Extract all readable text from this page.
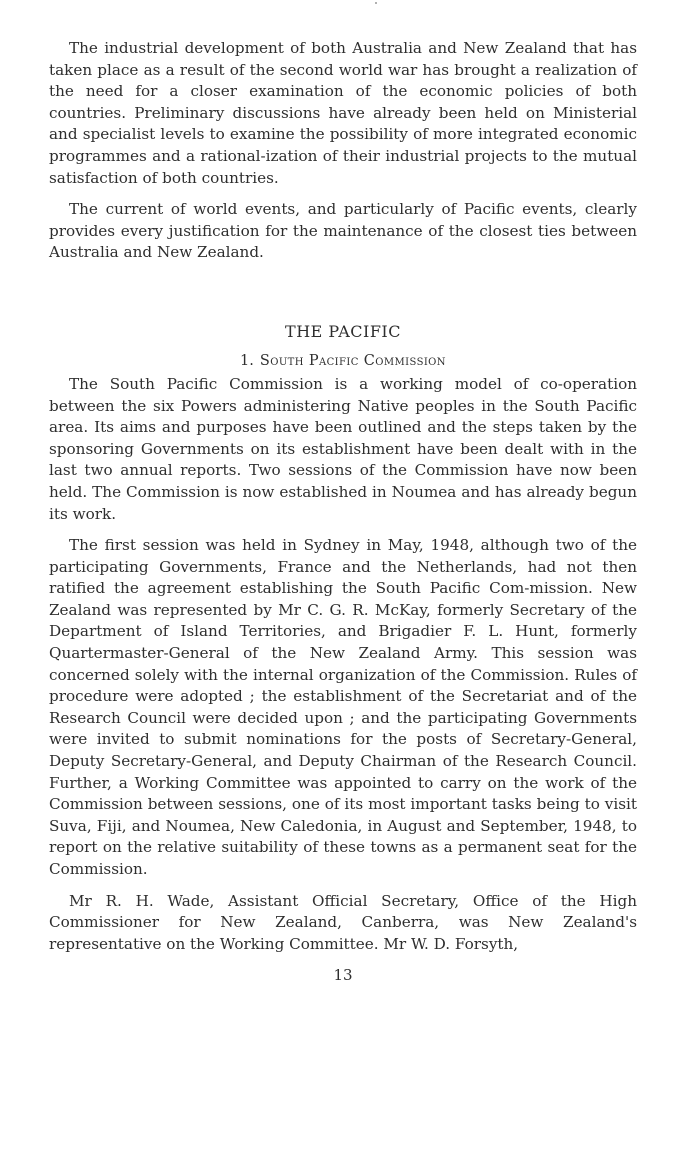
The industrial development of both Australia and New Zealand that has taken place as a result of the second world war has brought a realization of the need for a closer examination of the economic policies of both countries. Preliminary discussions have already been held on Ministerial and specialist levels to examine the possibility of more integrated economic programmes and a rational-ization of their industrial projects to the mutual satisfaction of both countries.

The current of world events, and particularly of Pacific events, clearly provides every justification for the maintenance of the closest ties between Australia and New Zealand.

THE PACIFIC
1. South Pacific Commission

The South Pacific Commission is a working model of co-operation between the six Powers administering Native peoples in the South Pacific area. Its aims and purposes have been outlined and the steps taken by the sponsoring Governments on its establishment have been dealt with in the last two annual reports. Two sessions of the Commission have now been held. The Commission is now established in Noumea and has already begun its work.

The first session was held in Sydney in May, 1948, although two of the participating Governments, France and the Netherlands, had not then ratified the agreement establishing the South Pacific Com-mission. New Zealand was represented by Mr C. G. R. McKay, formerly Secretary of the Department of Island Territories, and Brigadier F. L. Hunt, formerly Quartermaster-General of the New Zealand Army. This session was concerned solely with the internal organization of the Commission. Rules of procedure were adopted ; the establishment of the Secretariat and of the Research Council were decided upon ; and the participating Governments were invited to submit nominations for the posts of Secretary-General, Deputy Secretary-General, and Deputy Chairman of the Research Council. Further, a Working Committee was appointed to carry on the work of the Commission between sessions, one of its most important tasks being to visit Suva, Fiji, and Noumea, New Caledonia, in August and September, 1948, to report on the relative suitability of these towns as a permanent seat for the Commission.

Mr R. H. Wade, Assistant Official Secretary, Office of the High Commissioner for New Zealand, Canberra, was New Zealand's representative on the Working Committee. Mr W. D. Forsyth,

13
